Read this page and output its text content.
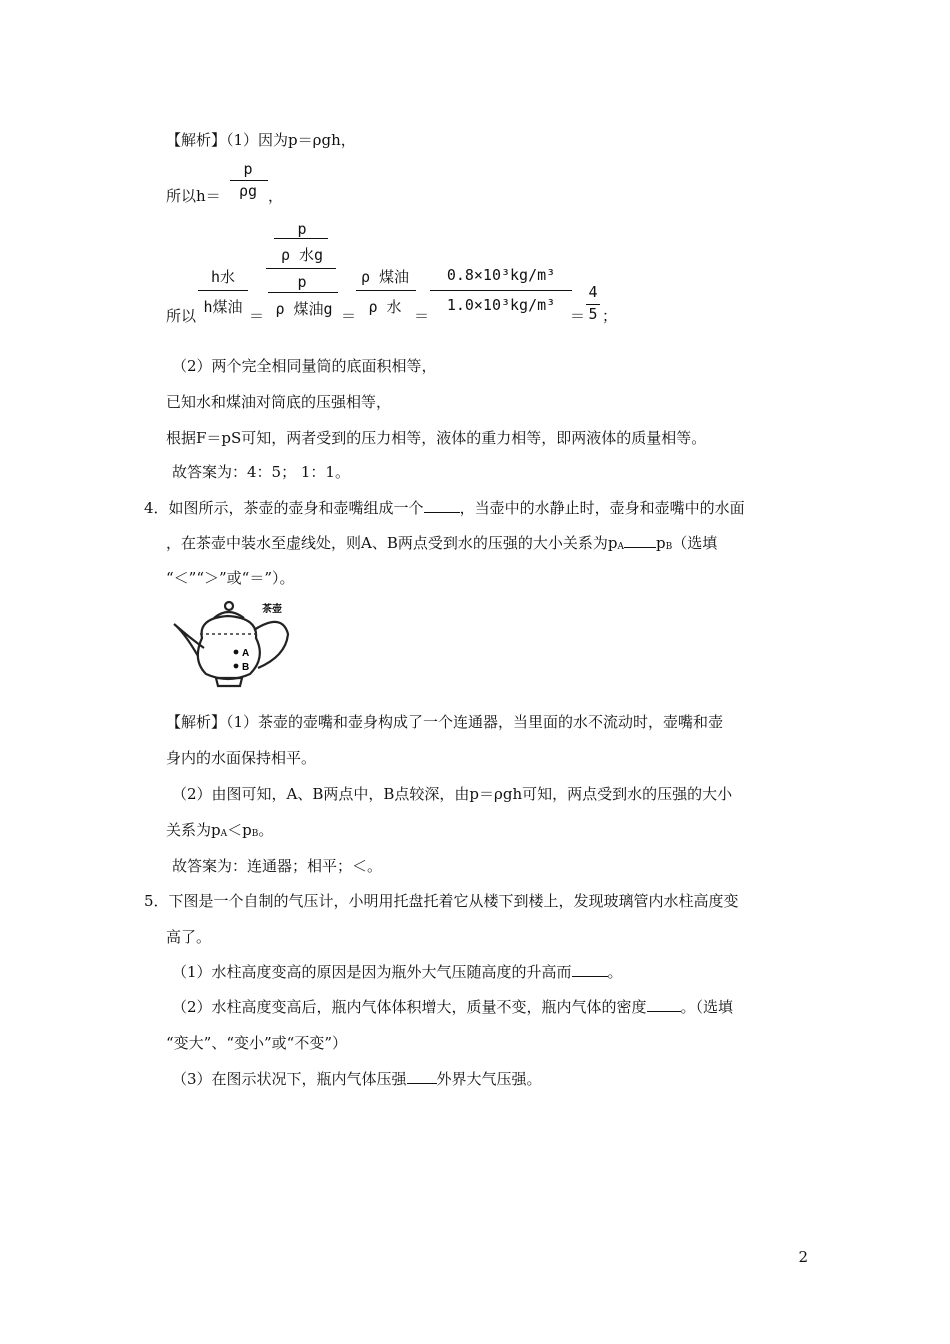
【解析】（1）因为p＝ρgh，
所以h＝
p
ρg ，
所以
h水
h煤油 ＝
p
ρ 水g
p
ρ 煤油g ＝
ρ 煤油
ρ 水 ＝
0.8×10³kg/m³
1.0×10³kg/m³
＝
4
5 ；
（2）两个完全相同量筒的底面积相等，
已知水和煤油对筒底的压强相等，
根据F＝pS可知，两者受到的压力相等，液体的重力相等，即两液体的质量相等。
故答案为：4：5； 1：1。
4．如图所示，茶壶的壶身和壶嘴组成一个 ，当壶中的水静止时，壶身和壶嘴中的水面
，在茶壶中装水至虚线处，则A、B两点受到水的压强的大小关系为pA pB（选填
“＜”“＞”或“＝”）。
A
B
茶壶
【解析】（1）茶壶的壶嘴和壶身构成了一个连通器，当里面的水不流动时，壶嘴和壶
身内的水面保持相平。
（2）由图可知，A、B两点中，B点较深，由p＝ρgh可知，两点受到水的压强的大小
关系为pA＜pB。
故答案为：连通器；相平；＜。
5．下图是一个自制的气压计，小明用托盘托着它从楼下到楼上，发现玻璃管内水柱高度变
高了。
（1）水柱高度变高的原因是因为瓶外大气压随高度的升高而 。
（2）水柱高度变高后，瓶内气体体积增大，质量不变，瓶内气体的密度 。（选填
“变大”、“变小”或“不变”）
（3）在图示状况下，瓶内气体压强 外界大气压强。
2
